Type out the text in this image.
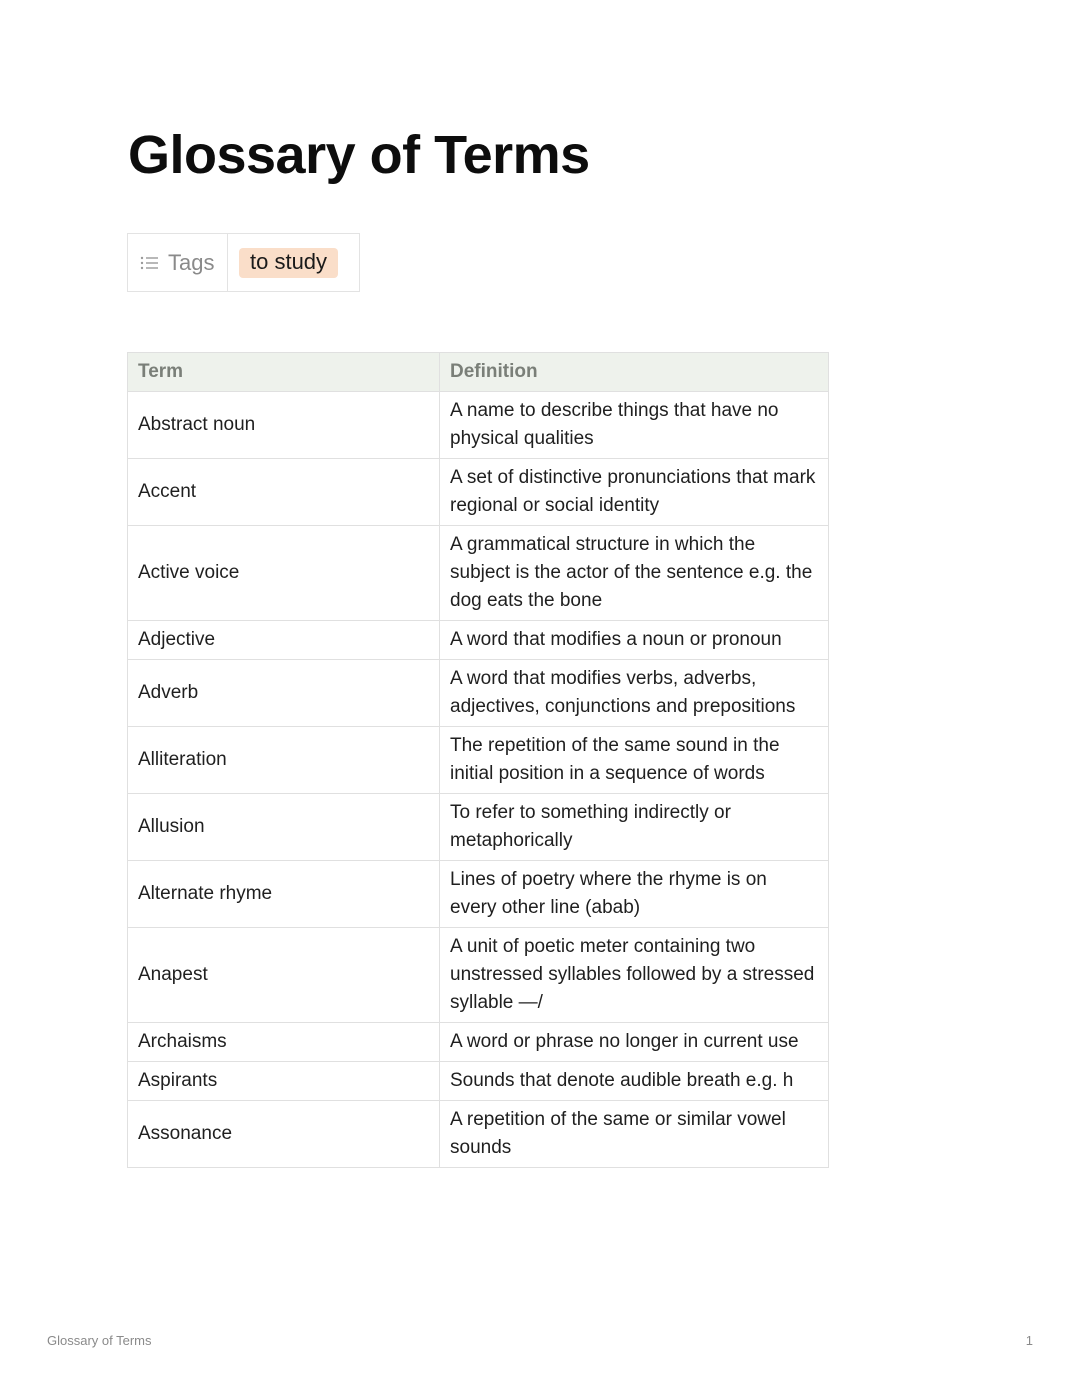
Glossary of Terms
Tags	to study
Term	Definition
Abstract noun	A name to describe things that have no physical qualities
Accent	A set of distinctive pronunciations that mark regional or social identity
Active voice	A grammatical structure in which the subject is the actor of the sentence e.g. the
dog eats the bone
Adjective	A word that modifies a noun or pronoun
Adverb	A word that modifies verbs, adverbs, adjectives, conjunctions and prepositions
Alliteration	The repetition of the same sound in the initial position in a sequence of words
Allusion	To refer to something indirectly or metaphorically
Alternate rhyme	Lines of poetry where the rhyme is on every other line (abab)
Anapest	A unit of poetic meter containing two unstressed syllables followed by a stressed
syllable —/
Archaisms	A word or phrase no longer in current use
Aspirants	Sounds that denote audible breath e.g. h
Assonance	A repetition of the same or similar vowel sounds
Glossary of Terms	1
